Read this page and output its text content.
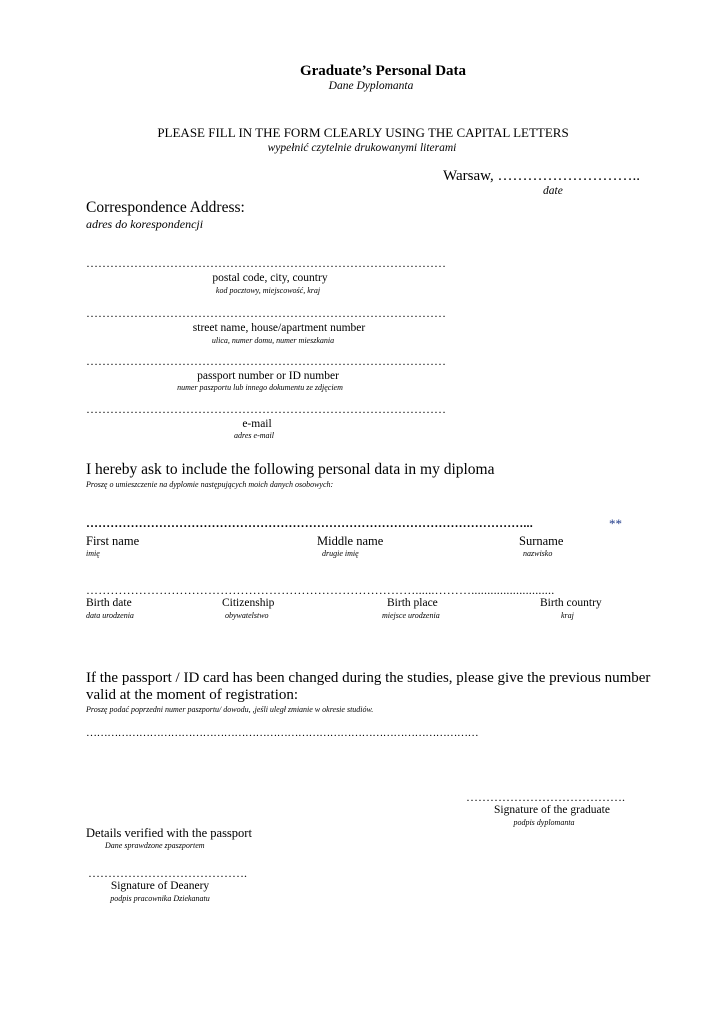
Graduate’s Personal Data
Dane Dyplomanta
PLEASE FILL IN THE FORM CLEARLY USING THE CAPITAL LETTERS
wypełnić czytelnie drukowanymi literami
Warsaw, ………………………..
date
Correspondence Address:
adres do korespondencji
………………………………………………………………………………
postal code, city, country
kod pocztowy, miejscowość, kraj
………………………………………………………………………………
street name, house/apartment number
ulica, numer domu, numer mieszkania
………………………………………………………………………………
passport number or ID number
numer paszportu lub innego dokumentu ze zdjęciem
………………………………………………………………………………
e-mail
adres e-mail
I hereby ask to include the following personal data in my diploma
Proszę o umieszczenie na dyplomie następujących moich danych osobowych:
………………………………………………………………………………………………...	**
First name
imię
Middle name
drugie imię
Surname
nazwisko
………………………………………………………………………......………..........................
Birth date
data urodzenia
Citizenship
obywatelstwo
Birth place
miejsce urodzenia
Birth country
kraj
If the passport / ID card has been changed during the studies, please give the previous number
valid at the moment of registration:
Proszę podać poprzedni numer paszportu/ dowodu, ,jeśli uległ zmianie w okresie studiów.
…………………………………………………………………………………………………
………………………………….
Signature of the graduate
podpis dyplomanta
Details verified with the passport
Dane sprawdzone zpaszportem
………………………………….
Signature of Deanery
podpis pracownika Dziekanatu
